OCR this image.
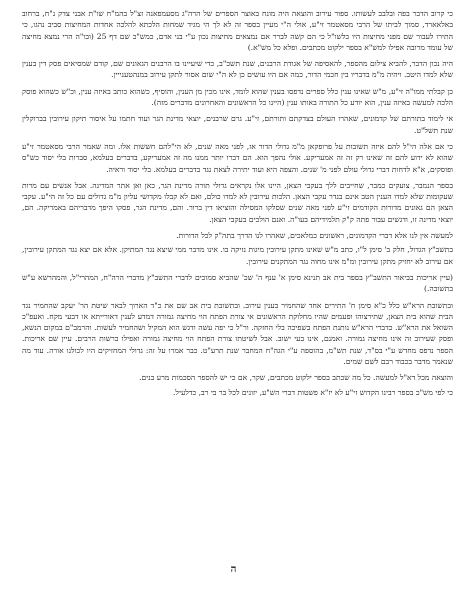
כי קרוב הדבר בפה ובלבב לעשותו. ספור עירוב והוצאה היה מונח באוצר הספרים של הרה"ג מסעמפאנה זצ"ל בהמ"ח שו"ת אבני צדק נ"ח, ברחוב באלאארד, סמוך לביתו של הרבי מסאטמר זי"ע, אולי ה"י מעיין בספר זה לא לך הי מגיד שמחות הלכתא להלכה אחדות המחיצות סביב נהגו, כי התירו לעבור שם מפני מחיצות היו בלשו"ל כי הם קשה לברר אם נמצאים מחיצות נכון ע"י בני אדם, כמש"כ שם דף 25 (ובו"ה הרי נמצא מחיצה של עומד מרובה אפילו למש"א בספר ילקוט מכתבים. ופלא כל מש"א.)

היה נכון הדבר, להביא צילום מהספר, להאסיפה של אגודת הרבנים, שנת תשכ"ב, כדי שיעיינו בו הרבנים הגאונים שם, קודם שמסיאים פסק דין בענין שלא למדו היטב. ויהיה מ"מ בדבריו בין חכמי הדור, כמה אם היו עושים כן לא ה"י שום אסור לתקן עירוב במנהטענייין.

כן קבלתי ממו"ה זי"ע, מ"ש שאינו ענין כלל ספרים נדפסו בענין שהוא לומד, אינו מכין מן הענין, והוסיף, כשהוא כותב באיזה ענין, וכ"ש כשהוא פוסק הלכה למעשה באיזה ענין, הוא יודע כל התורה באותו ענין (היינו כל הראשונים והאחרונים מדברים מזה).

אי לימוד בתורתם של קדמונים, שאהרו העולם בצדקתם ותורתם, זי"ע. גרם שרבנים, יוצאי מדינת הגר ועוד חתמו על איסור תיקון עירובין בברוקלין שנת תשל"ט.

כי אם אלה הי"ל להם איזה תשובות על פרופקאן מ"מ גדולי הדור אז, לפני מאה שנים, לא הי"להם חששות אלו. ומה שאמר הרבי מסאטמר זי"ע שהוא לא ידוע להם זה שאינו רק זה זה אמעריקע. אולי נהפך הוא. הם דברו יותר ממנו מה זה אמעריקע, בדברים בעלמא, סברות בלי יסוד כש"ס ופוסקים, א"א לדחות דברי גדולי עולם לפני מ' שנים. והצפה היא ועוד יתירה לצאת נגד בדברים בעלמא. בלי יסוד וראיה.

בספר הנמבר, צועקים כמבר, שחייבים ללך בעקבי הצאן, היינו אלו נקראים גדולי תורה מדינת הגר, כאן ואן אתר המדינה. אבל אנשים עם מרות שעקומות שלא למדו הענין הטב אינם בגדר עקבי הצאן. הלכות עירובין לא למדו כולם, ואם לא קבלו מקדושי עליון מ"מ גדולים עם כל זה הי"ע. עקבי הצאן הם גאונים מדורות הקודמים זי"ע לפני מאה שנים שסלקו המסילה והוציאו דין ברור. והם, מדינת הגר, פסקו היפך מדבריהם באמריקה. הם, יוצאי מדינה זו, ודגשים עבור פתה ק"ק תלמידיהם בעו"ה. ואנם הולכים בעקבי הצאן.

למעשה אין לנו אלא דברי הקדמונים, ראשונים כמלאכים, שאהרו לנו הדרך בתה"ק לכל הדורות.

בתשב"ץ הגדול, חלק ב' סימן ל"ו, כתב מ"ש שאינו מתקן עירובין מיגות נזיקה בו. אינו מדבר ממי שיצא נגד המתיקן. אלא אם יצא נגד המתקן עירובין, אם עירוב לא יחזיק מתקן עירובין ומ"מ אינו מחוה נגד המתקנים עירובין.

(עיין אריכות בביאור התשב"ץ בספר בית אב תנינא סימן א' ענף ה' שכ' שהביא סמוכים לדברי התשב"ץ מדברי הרה"ח, המהרי"ל, והמהרשא ע"ש בתשובה.)

ובתשובת הרא"ש כלל כ"א סימן ח' התירים אחד שהחמיר בענין עירוב. ובתשובת בית אב שם את כ"ד הארוך לבאר שיטת הר' יעקב שהחמיר נגד הבית שהוא בית הצאן, שתירצוהו ופעמים שהיו מחלוקת הראשונים אי צורת הפתח הוי מחיצה גמורה דמדע לענין דאורייתא או דבעי מקח. ואעפ"כ השואל את הרא"ש. כדברי הרא"ש נותנת הפתח בשפיכה בלי החזקה. ור"ל כי יפה עשה ודגש הוא המקיל ושהחמיר לעשות. והרמב"ם במקום הנשא, ופסק שעירוב זה אינו מחיצה גמורה. ואמנם, אינו בעי ישוב. אבל לשיטתו צורת הפתח הוי מחיצה גמורה ואפילו ברשות הרבים. עיין שם אריכות. הספר נדפס מחדש ע"י בס"ד, שנת תש"מ, בהוספה ע"י הגה"ח המחבר שנת תרע"ט. כבר אמרו על זה: גדולי המחזיקים היו לכולנו אורה. עוד מה שנאמר מדבר בכבוד רבם לשם שמים.

והוצאה מכל דא"ל למעשה. כל מה שכתב בספר ילקוט מכתבים, שקר, אם כי יש להספר הסכמות מרע בנים.

כי לפי מש"כ בספר רבינו הקדוש זי"ע לא יז"א פשטות דברי הש"ע, יזונים לכל בר בי רב, כדלעיל.

ה
